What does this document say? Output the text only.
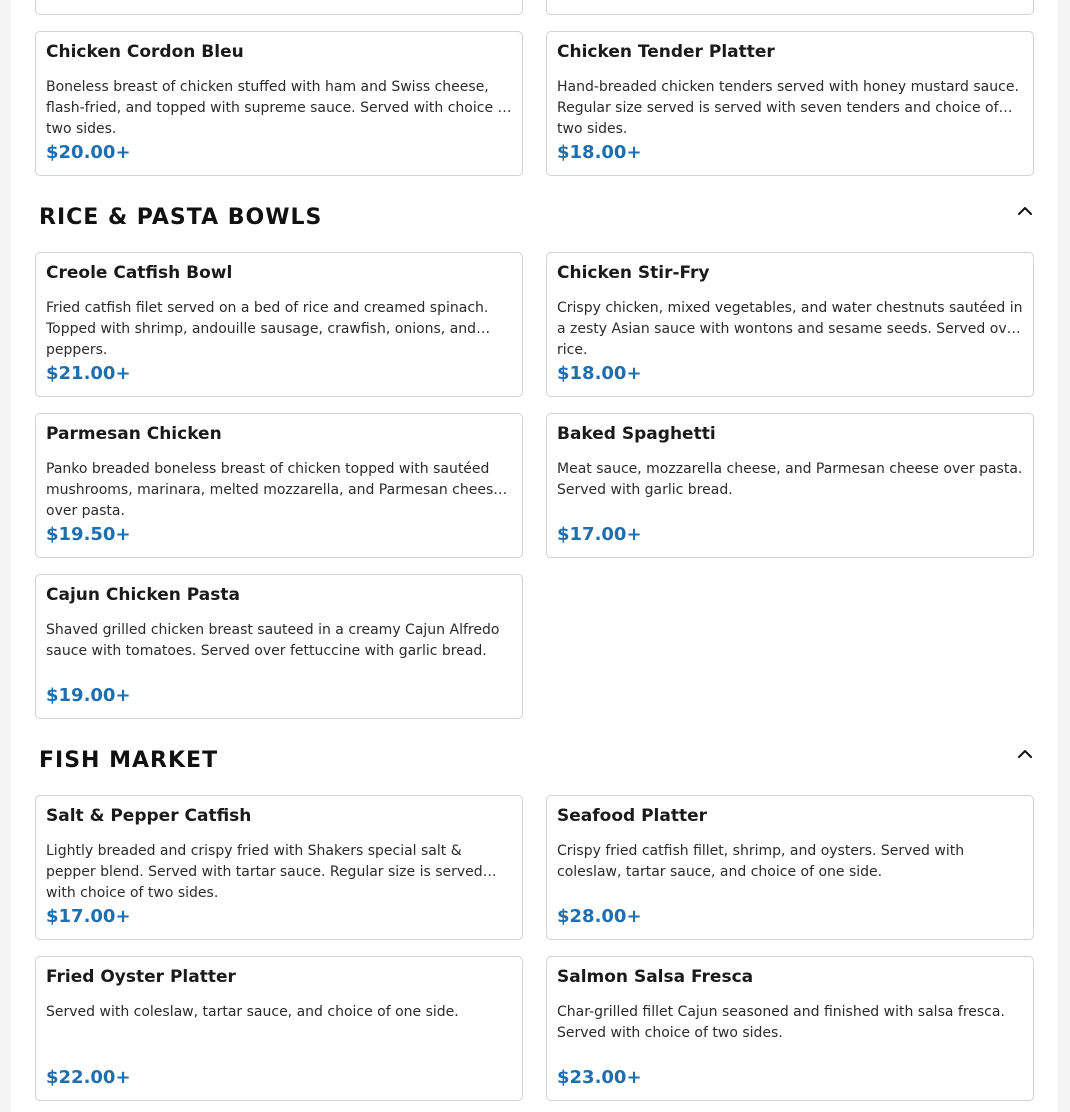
Chicken Cordon Bleu
Boneless breast of chicken stuffed with ham and Swiss cheese, flash-fried, and topped with supreme sauce. Served with choice of two sides.
$20.00+
Chicken Tender Platter
Hand-breaded chicken tenders served with honey mustard sauce. Regular size served is served with seven tenders and choice of two sides.
$18.00+
RICE & PASTA BOWLS
Creole Catfish Bowl
Fried catfish filet served on a bed of rice and creamed spinach. Topped with shrimp, andouille sausage, crawfish, onions, and peppers.
$21.00+
Chicken Stir-Fry
Crispy chicken, mixed vegetables, and water chestnuts sautéed in a zesty Asian sauce with wontons and sesame seeds. Served over rice.
$18.00+
Parmesan Chicken
Panko breaded boneless breast of chicken topped with sautéed mushrooms, marinara, melted mozzarella, and Parmesan cheese over pasta.
$19.50+
Baked Spaghetti
Meat sauce, mozzarella cheese, and Parmesan cheese over pasta. Served with garlic bread.
$17.00+
Cajun Chicken Pasta
Shaved grilled chicken breast sauteed in a creamy Cajun Alfredo sauce with tomatoes. Served over fettuccine with garlic bread.
$19.00+
FISH MARKET
Salt & Pepper Catfish
Lightly breaded and crispy fried with Shakers special salt & pepper blend. Served with tartar sauce. Regular size is served with choice of two sides.
$17.00+
Seafood Platter
Crispy fried catfish fillet, shrimp, and oysters. Served with coleslaw, tartar sauce, and choice of one side.
$28.00+
Fried Oyster Platter
Served with coleslaw, tartar sauce, and choice of one side.
$22.00+
Salmon Salsa Fresca
Char-grilled fillet Cajun seasoned and finished with salsa fresca. Served with choice of two sides.
$23.00+
